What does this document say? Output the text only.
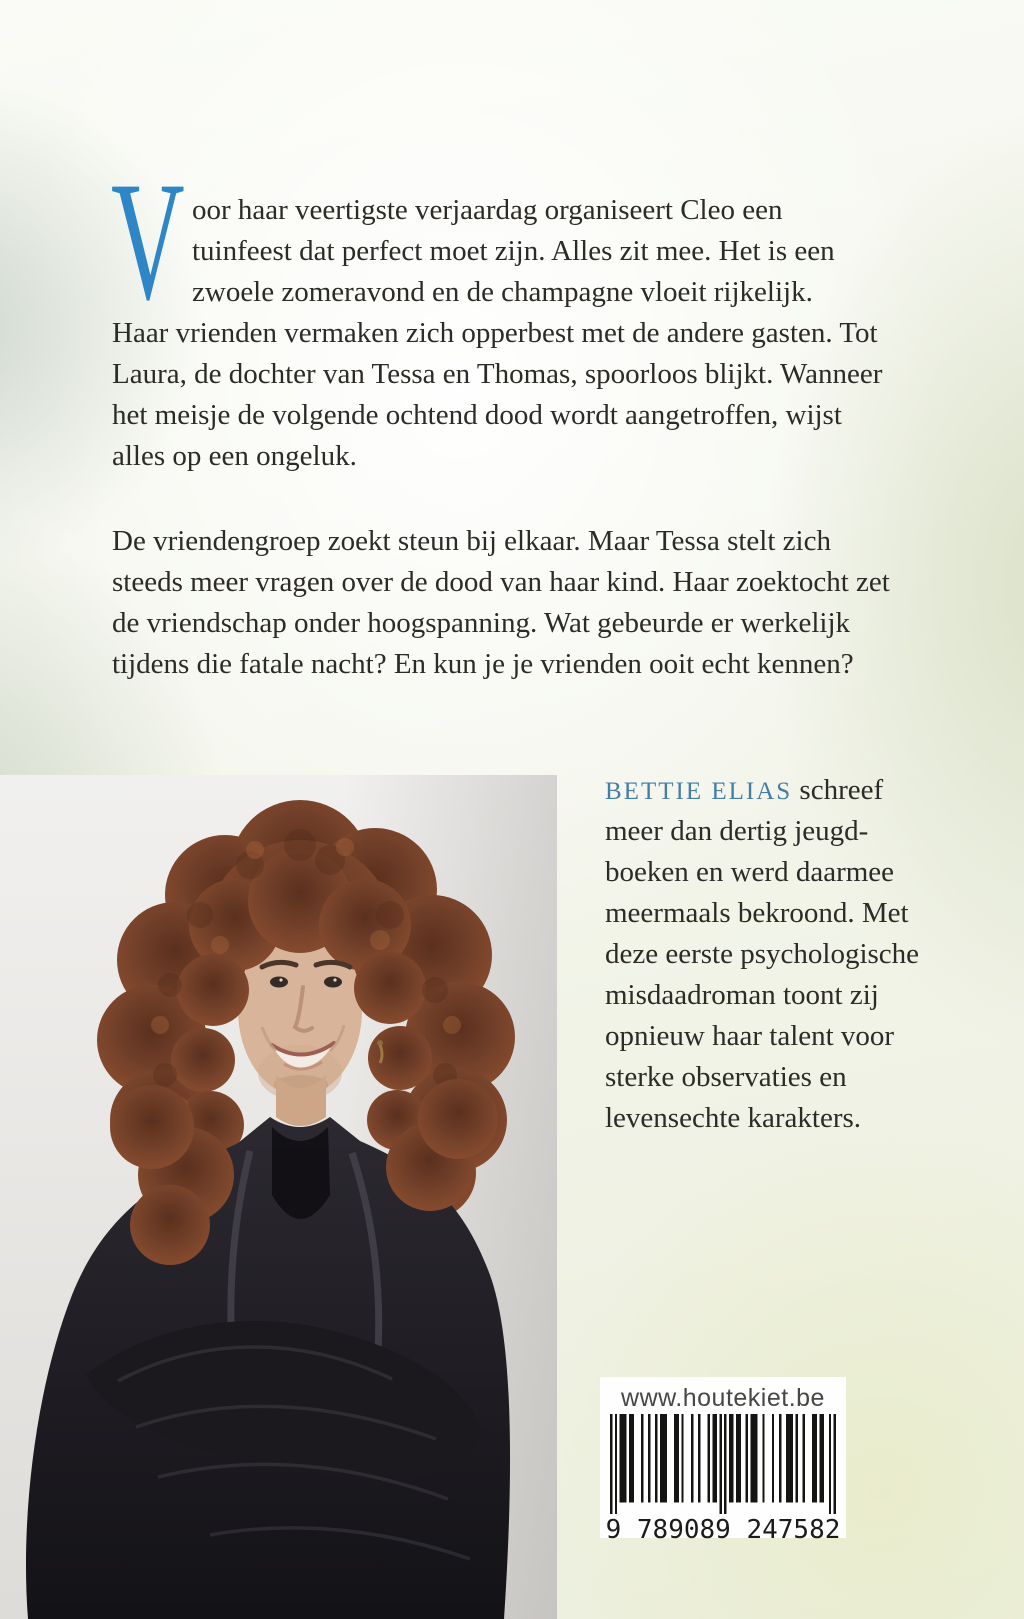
V oor haar veertigste verjaardag organiseert Cleo een
tuinfeest dat perfect moet zijn. Alles zit mee. Het is een
zwoele zomeravond en de champagne vloeit rijkelijk.
Haar vrienden vermaken zich opperbest met de andere gasten. Tot
Laura, de dochter van Tessa en Thomas, spoorloos blijkt. Wanneer
het meisje de volgende ochtend dood wordt aangetroffen, wijst
alles op een ongeluk.
De vriendengroep zoekt steun bij elkaar. Maar Tessa stelt zich
steeds meer vragen over de dood van haar kind. Haar zoektocht zet
de vriendschap onder hoogspanning. Wat gebeurde er werkelijk
tijdens die fatale nacht? En kun je je vrienden ooit echt kennen?
BETTIE ELIAS schreef
meer dan dertig jeugd-
boeken en werd daarmee
meermaals bekroond. Met
deze eerste psychologische
misdaadroman toont zij
opnieuw haar talent voor
sterke observaties en
levensechte karakters.
www.houtekiet.be
9 789089 247582
